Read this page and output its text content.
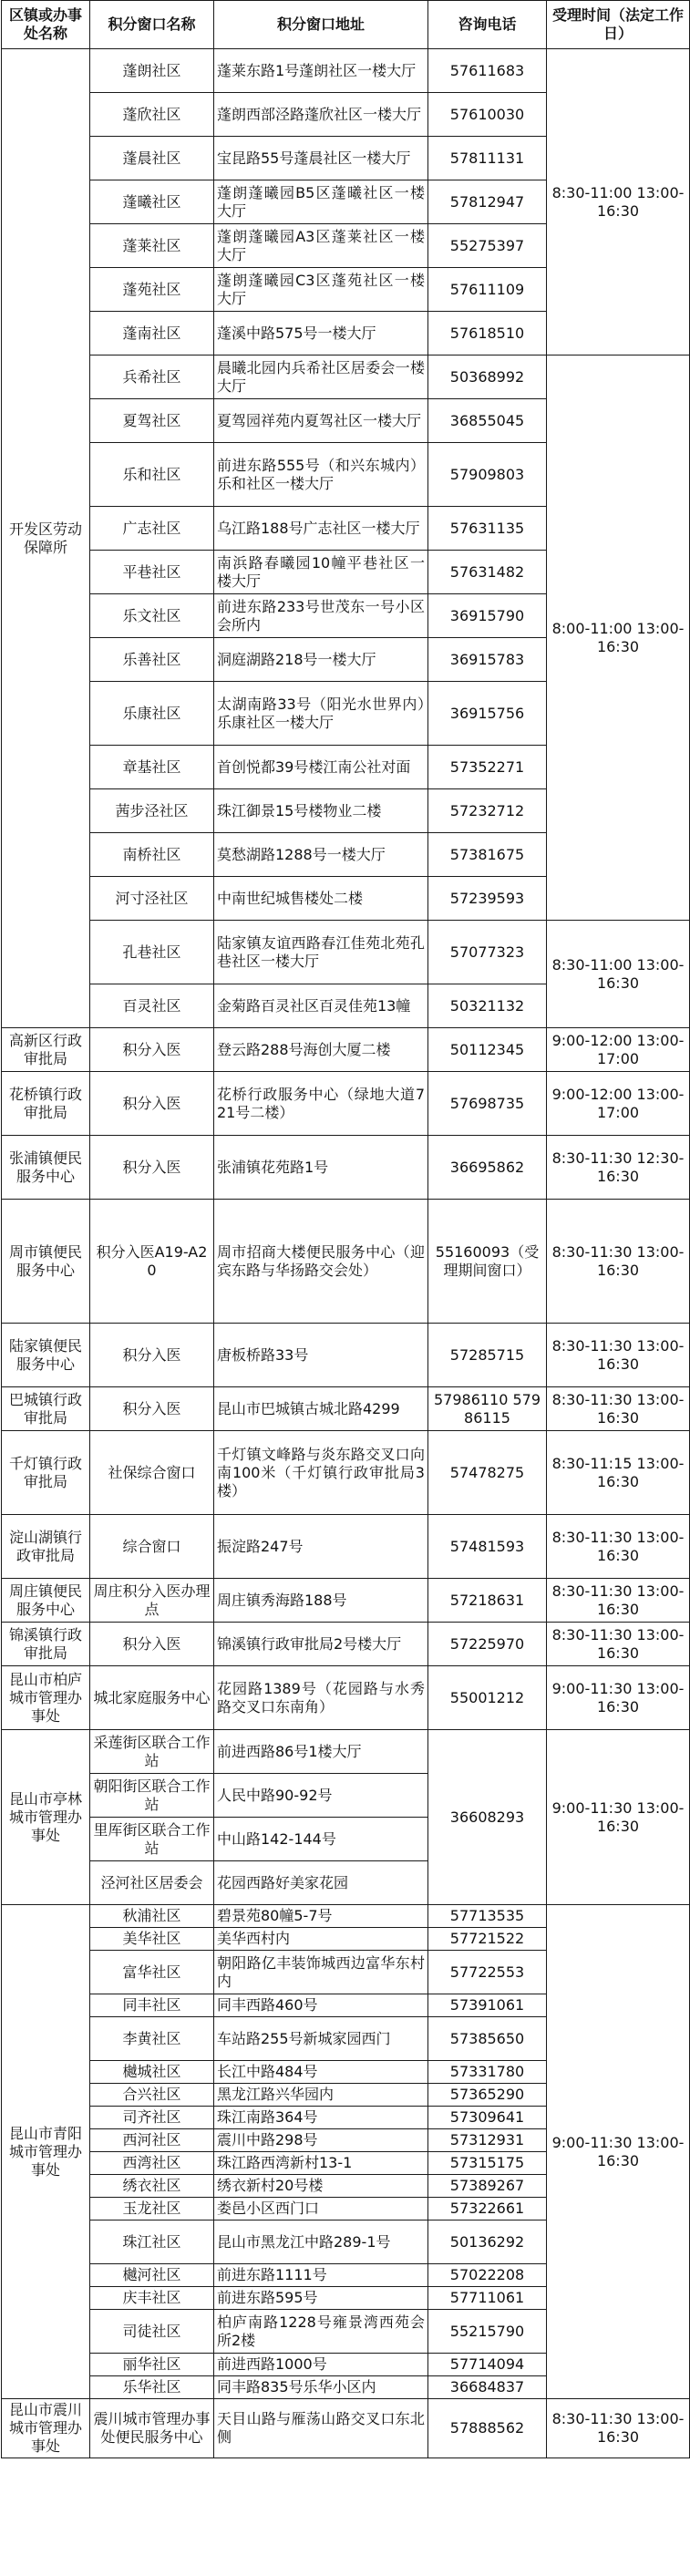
区镇或办事处名称	积分窗口名称	积分窗口地址	咨询电话	受理时间（法定工作日）
开发区劳动保障所	蓬朗社区	蓬莱东路1号蓬朗社区一楼大厅	57611683	8:30-11:00 13:00-16:30
	蓬欣社区	蓬朗西部泾路蓬欣社区一楼大厅	57610030	
	蓬晨社区	宝昆路55号蓬晨社区一楼大厅	57811131	
	蓬曦社区	蓬朗蓬曦园B5区蓬曦社区一楼大厅	57812947	
	蓬莱社区	蓬朗蓬曦园A3区蓬莱社区一楼大厅	55275397	
	蓬苑社区	蓬朗蓬曦园C3区蓬苑社区一楼大厅	57611109	
	蓬南社区	蓬溪中路575号一楼大厅	57618510	
	兵希社区	晨曦北园内兵希社区居委会一楼大厅	50368992	8:00-11:00 13:00-16:30
	夏驾社区	夏驾园祥苑内夏驾社区一楼大厅	36855045	
	乐和社区	前进东路555号（和兴东城内）乐和社区一楼大厅	57909803	
	广志社区	乌江路188号广志社区一楼大厅	57631135	
	平巷社区	南浜路春曦园10幢平巷社区一楼大厅	57631482	
	乐文社区	前进东路233号世茂东一号小区会所内	36915790	
	乐善社区	洞庭湖路218号一楼大厅	36915783	
	乐康社区	太湖南路33号（阳光水世界内）乐康社区一楼大厅	36915756	
	章基社区	首创悦都39号楼江南公社对面	57352271	
	茜步泾社区	珠江御景15号楼物业二楼	57232712	
	南桥社区	莫愁湖路1288号一楼大厅	57381675	
	河寸泾社区	中南世纪城售楼处二楼	57239593	
	孔巷社区	陆家镇友谊西路春江佳苑北苑孔巷社区一楼大厅	57077323	8:30-11:00 13:00-16:30
	百灵社区	金菊路百灵社区百灵佳苑13幢	50321132	
高新区行政审批局	积分入医	登云路288号海创大厦二楼	50112345	9:00-12:00 13:00-17:00
花桥镇行政审批局	积分入医	花桥行政服务中心（绿地大道721号二楼）	57698735	9:00-12:00 13:00-17:00
张浦镇便民服务中心	积分入医	张浦镇花苑路1号	36695862	8:30-11:30 12:30-16:30
周市镇便民服务中心	积分入医A19-A20	周市招商大楼便民服务中心（迎宾东路与华扬路交会处）	55160093（受理期间窗口）	8:30-11:30 13:00-16:30
陆家镇便民服务中心	积分入医	唐板桥路33号	57285715	8:30-11:30 13:00-16:30
巴城镇行政审批局	积分入医	昆山市巴城镇古城北路4299	57986110 57986115	8:30-11:30 13:00-16:30
千灯镇行政审批局	社保综合窗口	千灯镇文峰路与炎东路交叉口向南100米（千灯镇行政审批局3楼）	57478275	8:30-11:15 13:00-16:30
淀山湖镇行政审批局	综合窗口	振淀路247号	57481593	8:30-11:30 13:00-16:30
周庄镇便民服务中心	周庄积分入医办理点	周庄镇秀海路188号	57218631	8:30-11:30 13:00-16:30
锦溪镇行政审批局	积分入医	锦溪镇行政审批局2号楼大厅	57225970	8:30-11:30 13:00-16:30
昆山市柏庐城市管理办事处	城北家庭服务中心	花园路1389号（花园路与水秀路交叉口东南角）	55001212	9:00-11:30 13:00-16:30
昆山市亭林城市管理办事处	采莲街区联合工作站	前进西路86号1楼大厅	36608293	9:00-11:30 13:00-16:30
	朝阳街区联合工作站	人民中路90-92号		
	里厍街区联合工作站	中山路142-144号		
	泾河社区居委会	花园西路好美家花园		
昆山市青阳城市管理办事处	秋浦社区	碧景苑80幢5-7号	57713535	9:00-11:30 13:00-16:30
	美华社区	美华西村内	57721522	
	富华社区	朝阳路亿丰装饰城西边富华东村内	57722553	
	同丰社区	同丰西路460号	57391061	
	李黄社区	车站路255号新城家园西门	57385650	
	樾城社区	长江中路484号	57331780	
	合兴社区	黑龙江路兴华园内	57365290	
	司齐社区	珠江南路364号	57309641	
	西河社区	震川中路298号	57312931	
	西湾社区	珠江路西湾新村13-1	57315175	
	绣衣社区	绣衣新村20号楼	57389267	
	玉龙社区	娄邑小区西门口	57322661	
	珠江社区	昆山市黑龙江中路289-1号	50136292	
	樾河社区	前进东路1111号	57022208	
	庆丰社区	前进东路595号	57711061	
	司徒社区	柏庐南路1228号雍景湾西苑会所2楼	55215790	
	丽华社区	前进西路1000号	57714094	
	乐华社区	同丰路835号乐华小区内	36684837	
昆山市震川城市管理办事处	震川城市管理办事处便民服务中心	天目山路与雁荡山路交叉口东北侧	57888562	8:30-11:30 13:00-16:30
